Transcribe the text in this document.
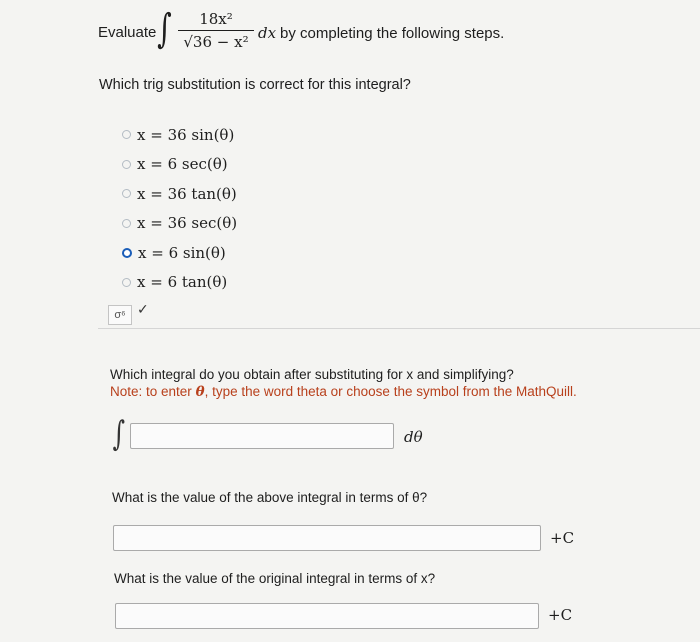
Evaluate ∫	18x²
√36 − x² dx by completing the following steps.
Which trig substitution is correct for this integral?
x = 36 sin(θ)
x = 6 sec(θ)
x = 36 tan(θ)
x = 36 sec(θ)
x = 6 sin(θ)
x = 6 tan(θ)
σ⁶ ✓
Which integral do you obtain after substituting for x and simplifying?
Note: to enter θ, type the word theta or choose the symbol from the MathQuill.
∫	dθ
What is the value of the above integral in terms of θ?
+C
What is the value of the original integral in terms of x?
+C
